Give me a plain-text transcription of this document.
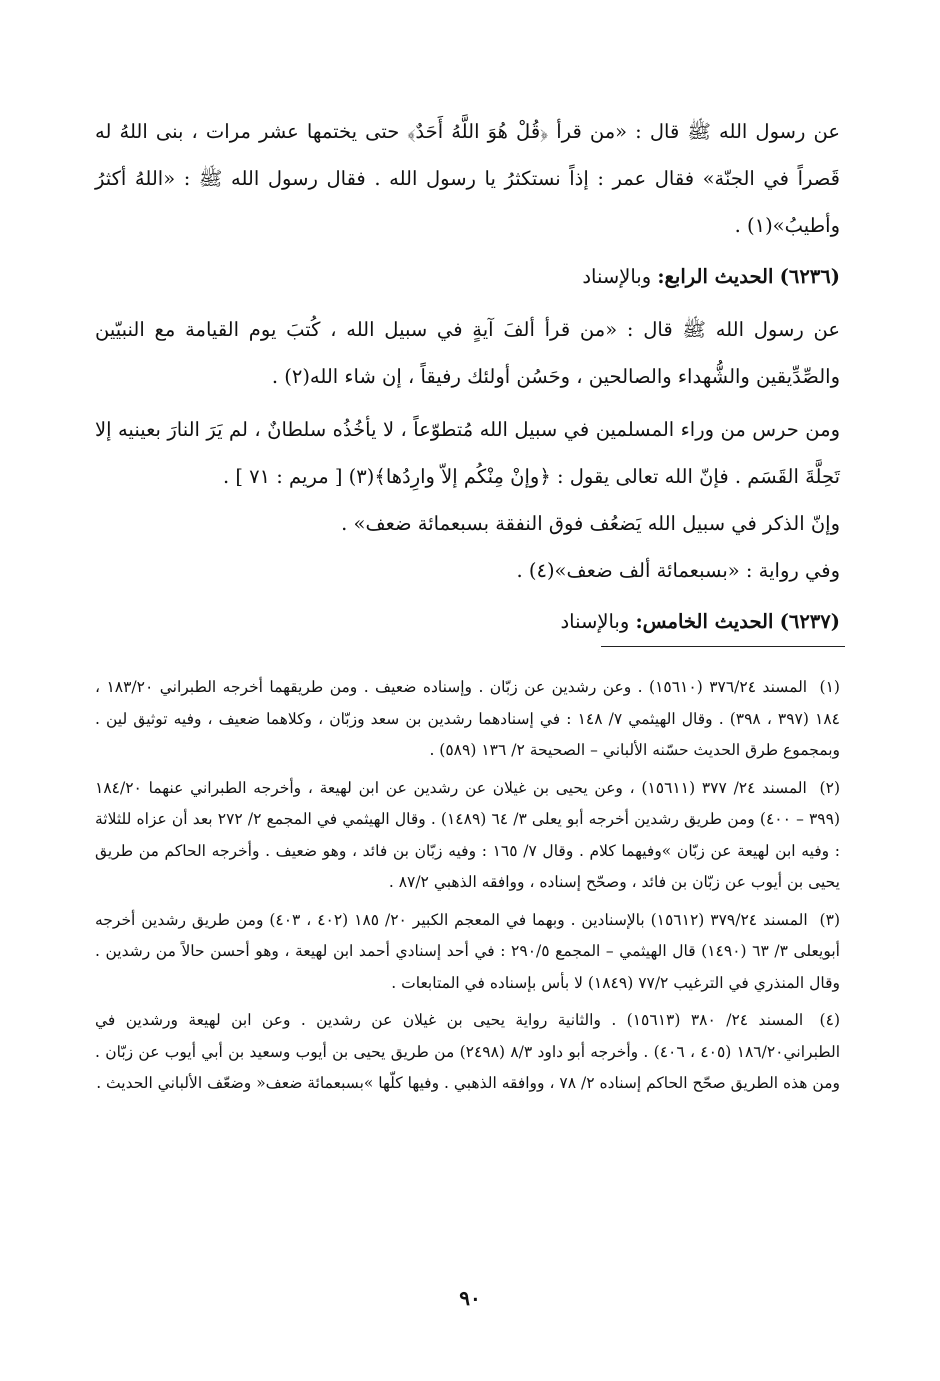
عن رسول الله ﷺ قال : «من قرأ ﴿قُلْ هُوَ اللَّهُ أَحَدٌ﴾ حتى يختمها عشر مرات ، بنى اللهُ له قَصراً في الجنّة» فقال عمر : إذاً نستكثرُ يا رسول الله . فقال رسول الله ﷺ : «اللهُ أكثرُ وأطيبُ»(١) .

(٦٢٣٦) الحديث الرابع: وبالإسناد

عن رسول الله ﷺ قال : «من قرأ ألفَ آيةٍ في سبيل الله ، كُتبَ يوم القيامة مع النبيّين والصِّدِّيقين والشُّهداء والصالحين ، وحَسُن أولئك رفيقاً ، إن شاء الله(٢) .

ومن حرس من وراء المسلمين في سبيل الله مُتطوّعاً ، لا يأخُذُه سلطانٌ ، لم يَرَ النارَ بعينيه إلا تَحِلَّةَ القَسَم . فإنّ الله تعالى يقول : ﴿وإنْ مِنْكُم إلاّ وارِدُها﴾(٣) [ مريم : ٧١ ] .

وإنّ الذكر في سبيل الله يَضعُف فوق النفقة بسبعمائة ضعف» .

وفي رواية : «بسبعمائة ألف ضعف»(٤) .

(٦٢٣٧) الحديث الخامس: وبالإسناد

(١) المسند ٣٧٦/٢٤ (١٥٦١٠) . وعن رشدين عن زبّان . وإسناده ضعيف . ومن طريقهما أخرجه الطبراني ١٨٣/٢٠ ، ١٨٤ (٣٩٧ ، ٣٩٨) . وقال الهيثمي ٧/ ١٤٨ : في إسنادهما رشدين بن سعد وزبّان ، وكلاهما ضعيف ، وفيه توثيق لين . وبمجموع طرق الحديث حسّنه الألباني – الصحيحة ٢/ ١٣٦ (٥٨٩) .

(٢) المسند ٢٤/ ٣٧٧ (١٥٦١١) ، وعن يحيى بن غيلان عن رشدين عن ابن لهيعة ، وأخرجه الطبراني عنهما ١٨٤/٢٠ (٣٩٩ – ٤٠٠) ومن طريق رشدين أخرجه أبو يعلى ٣/ ٦٤ (١٤٨٩) . وقال الهيثمي في المجمع ٢/ ٢٧٢ بعد أن عزاه للثلاثة : وفيه ابن لهيعة عن زبّان »وفيهما كلام . وقال ٧/ ١٦٥ : وفيه زبّان بن فائد ، وهو ضعيف . وأخرجه الحاكم من طريق يحيى بن أيوب عن زبّان بن فائد ، وصحّح إسناده ، ووافقه الذهبي ٨٧/٢ .

(٣) المسند ٣٧٩/٢٤ (١٥٦١٢) بالإسنادين . وبهما في المعجم الكبير ٢٠/ ١٨٥ (٤٠٢ ، ٤٠٣) ومن طريق رشدين أخرجه أبويعلى ٣/ ٦٣ (١٤٩٠) قال الهيثمي – المجمع ٢٩٠/٥ : في أحد إسنادي أحمد ابن لهيعة ، وهو أحسن حالاً من رشدين . وقال المنذري في الترغيب ٧٧/٢ (١٨٤٩) لا بأس بإسناده في المتابعات .

(٤) المسند ٢٤/ ٣٨٠ (١٥٦١٣) . والثانية رواية يحيى بن غيلان عن رشدين . وعن ابن لهيعة ورشدين في الطبراني١٨٦/٢٠ (٤٠٥ ، ٤٠٦) . وأخرجه أبو داود ٨/٣ (٢٤٩٨) من طريق يحيى بن أيوب وسعيد بن أبي أيوب عن زبّان . ومن هذه الطريق صحّح الحاكم إسناده ٢/ ٧٨ ، ووافقه الذهبي . وفيها كلّها »بسبعمائة ضعف« وضعّف الألباني الحديث .

٩٠
